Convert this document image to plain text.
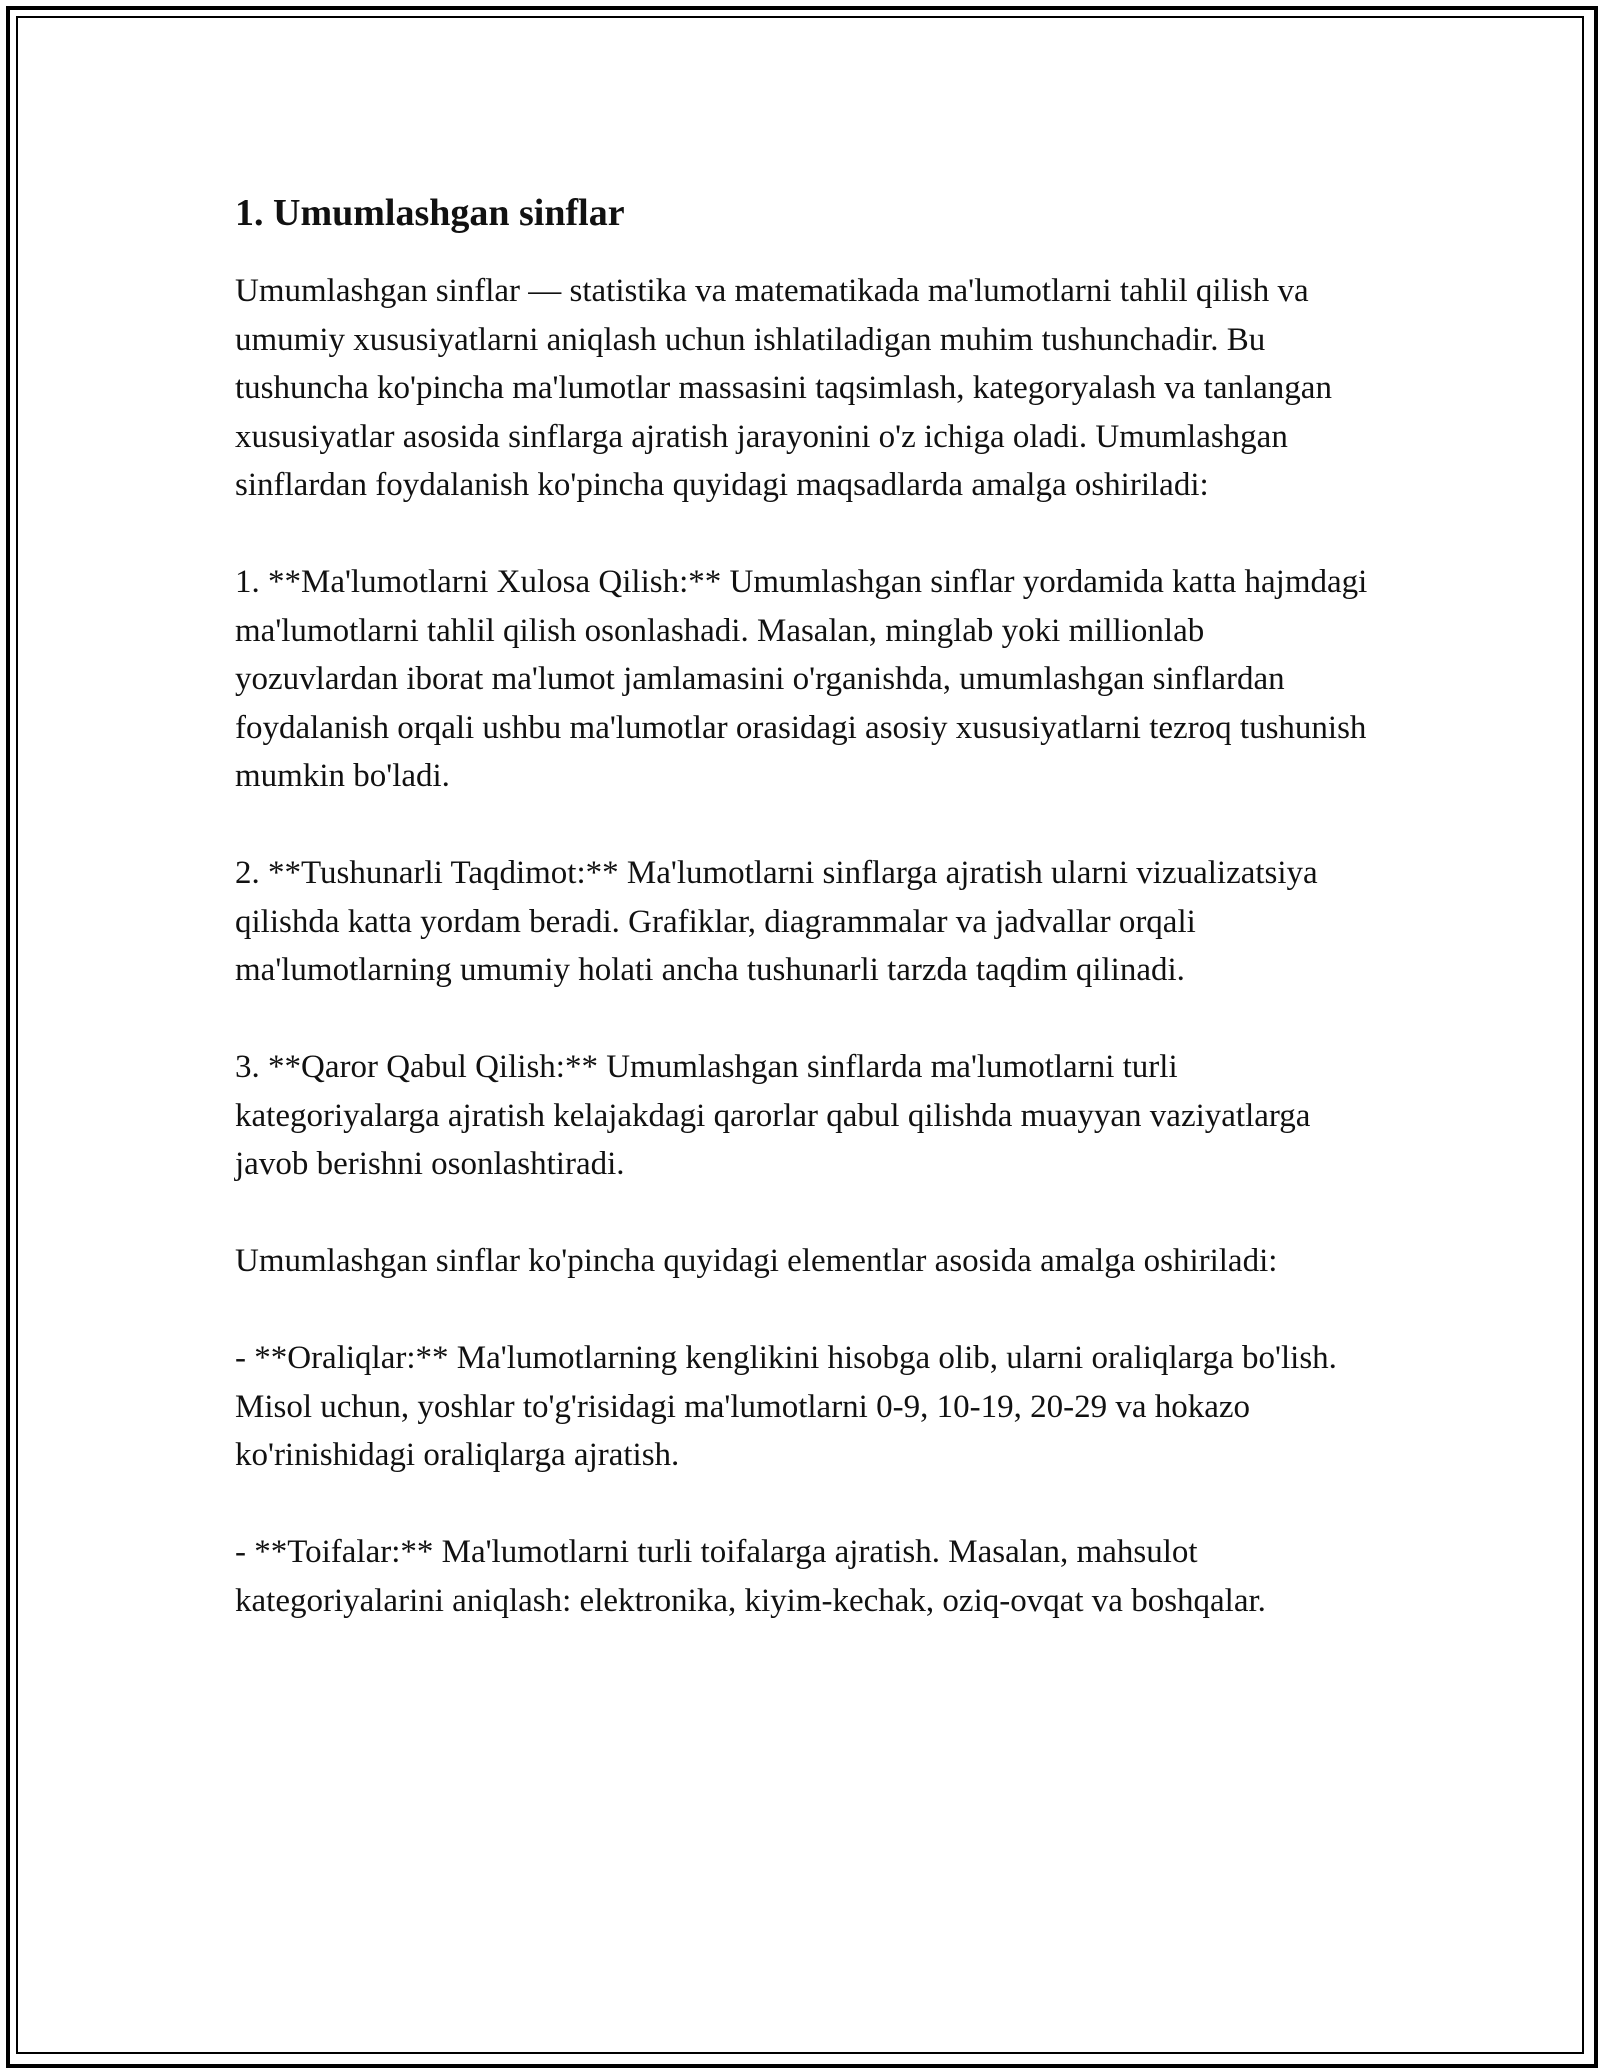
1. Umumlashgan sinflar

Umumlashgan sinflar — statistika va matematikada ma'lumotlarni tahlil qilish va umumiy xususiyatlarni aniqlash uchun ishlatiladigan muhim tushunchadir. Bu tushuncha ko'pincha ma'lumotlar massasini taqsimlash, kategoryalash va tanlangan xususiyatlar asosida sinflarga ajratish jarayonini o'z ichiga oladi. Umumlashgan sinflardan foydalanish ko'pincha quyidagi maqsadlarda amalga oshiriladi:

1. **Ma'lumotlarni Xulosa Qilish:** Umumlashgan sinflar yordamida katta hajmdagi ma'lumotlarni tahlil qilish osonlashadi. Masalan, minglab yoki millionlab yozuvlardan iborat ma'lumot jamlamasini o'rganishda, umumlashgan sinflardan foydalanish orqali ushbu ma'lumotlar orasidagi asosiy xususiyatlarni tezroq tushunish mumkin bo'ladi.

2. **Tushunarli Taqdimot:** Ma'lumotlarni sinflarga ajratish ularni vizualizatsiya qilishda katta yordam beradi. Grafiklar, diagrammalar va jadvallar orqali ma'lumotlarning umumiy holati ancha tushunarli tarzda taqdim qilinadi.

3. **Qaror Qabul Qilish:** Umumlashgan sinflarda ma'lumotlarni turli kategoriyalarga ajratish kelajakdagi qarorlar qabul qilishda muayyan vaziyatlarga javob berishni osonlashtiradi.

Umumlashgan sinflar ko'pincha quyidagi elementlar asosida amalga oshiriladi:

- **Oraliqlar:** Ma'lumotlarning kenglikini hisobga olib, ularni oraliqlarga bo'lish. Misol uchun, yoshlar to'g'risidagi ma'lumotlarni 0-9, 10-19, 20-29 va hokazo ko'rinishidagi oraliqlarga ajratish.

- **Toifalar:** Ma'lumotlarni turli toifalarga ajratish. Masalan, mahsulot kategoriyalarini aniqlash: elektronika, kiyim-kechak, oziq-ovqat va boshqalar.
